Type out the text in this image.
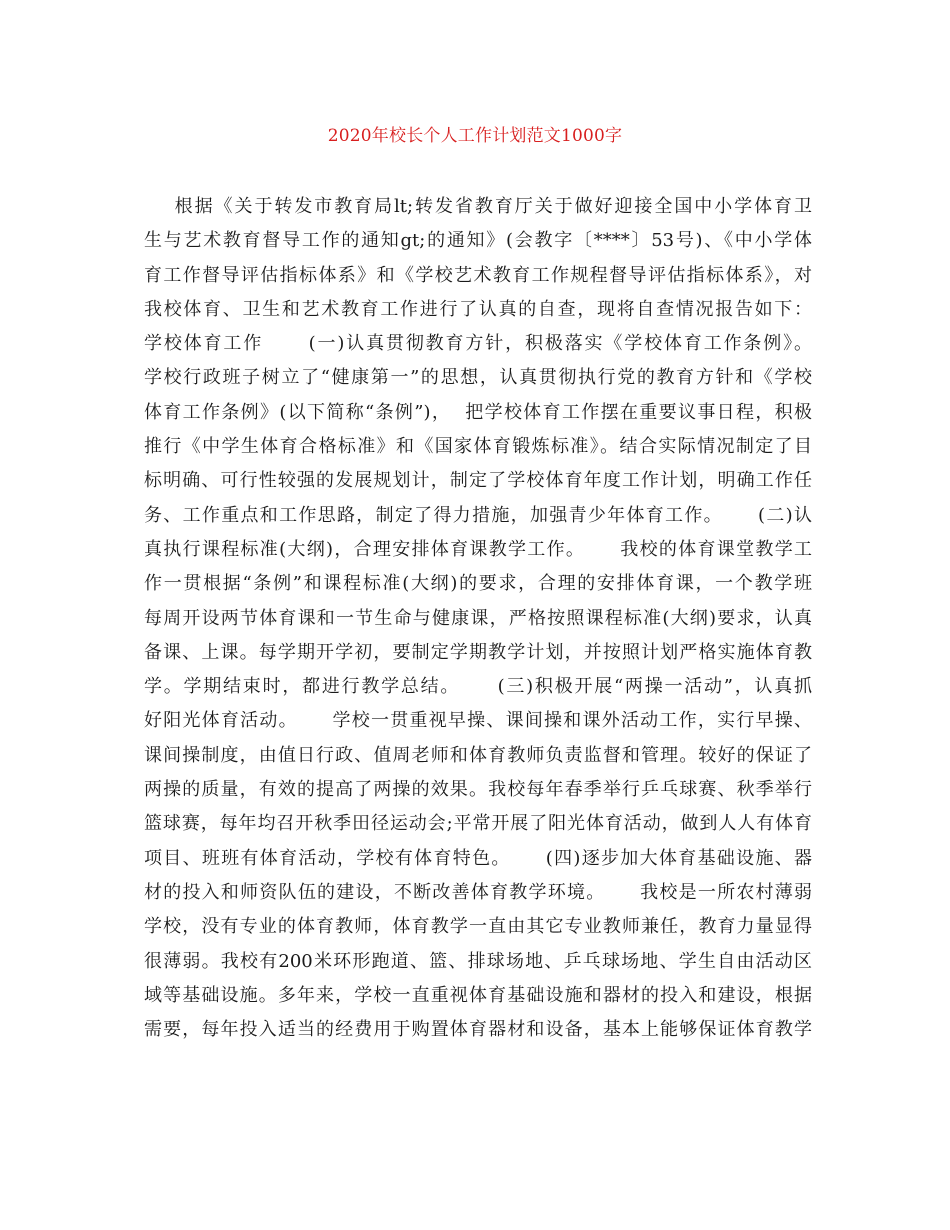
2020年校长个人工作计划范文1000字
根据《关于转发市教育局lt;转发省教育厅关于做好迎接全国中小学体育卫
生与艺术教育督导工作的通知gt;的通知》(会教字〔****〕53号)、《中小学体
育工作督导评估指标体系》和《学校艺术教育工作规程督导评估指标体系》，对
我校体育、卫生和艺术教育工作进行了认真的自查，现将自查情况报告如下：
学校体育工作      (一)认真贯彻教育方针，积极落实《学校体育工作条例》。
学校行政班子树立了“健康第一”的思想，认真贯彻执行党的教育方针和《学校
体育工作条例》(以下简称“条例”)，  把学校体育工作摆在重要议事日程，积极
推行《中学生体育合格标准》和《国家体育锻炼标准》。结合实际情况制定了目
标明确、可行性较强的发展规划计，制定了学校体育年度工作计划，明确工作任
务、工作重点和工作思路，制定了得力措施，加强青少年体育工作。     (二)认
真执行课程标准(大纲)，合理安排体育课教学工作。     我校的体育课堂教学工
作一贯根据“条例”和课程标准(大纲)的要求，合理的安排体育课，一个教学班
每周开设两节体育课和一节生命与健康课，严格按照课程标准(大纲)要求，认真
备课、上课。每学期开学初，要制定学期教学计划，并按照计划严格实施体育教
学。学期结束时，都进行教学总结。     (三)积极开展“两操一活动”，认真抓
好阳光体育活动。     学校一贯重视早操、课间操和课外活动工作，实行早操、
课间操制度，由值日行政、值周老师和体育教师负责监督和管理。较好的保证了
两操的质量，有效的提高了两操的效果。我校每年春季举行乒乓球赛、秋季举行
篮球赛，每年均召开秋季田径运动会;平常开展了阳光体育活动，做到人人有体育
项目、班班有体育活动，学校有体育特色。     (四)逐步加大体育基础设施、器
材的投入和师资队伍的建设，不断改善体育教学环境。     我校是一所农村薄弱
学校，没有专业的体育教师，体育教学一直由其它专业教师兼任，教育力量显得
很薄弱。我校有200米环形跑道、篮、排球场地、乒乓球场地、学生自由活动区
域等基础设施。多年来，学校一直重视体育基础设施和器材的投入和建设，根据
需要，每年投入适当的经费用于购置体育器材和设备，基本上能够保证体育教学
